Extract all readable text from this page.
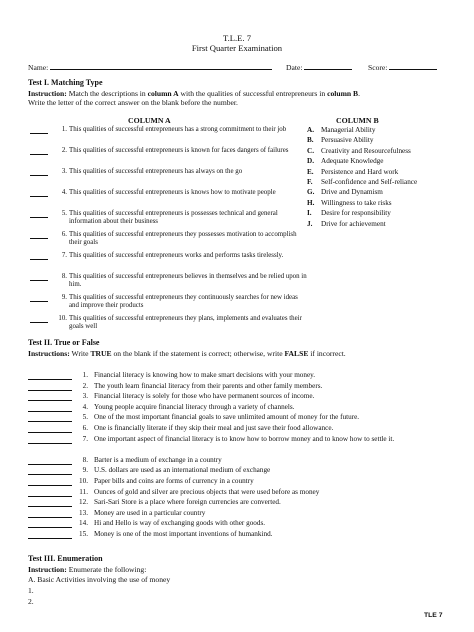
T.L.E. 7
First Quarter Examination
Name:	Date:	Score:
Test I. Matching Type
Instruction: Match the descriptions in column A with the qualities of successful entrepreneurs in column B.
Write the letter of the correct answer on the blank before the number.
COLUMN A	COLUMN B
1. This qualities of successful entrepreneurs has a strong commitment to their job
2. This qualities of successful entrepreneurs is known for faces dangers of failures
3. This qualities of successful entrepreneurs has always on the go
4. This qualities of successful entrepreneurs is knows how to motivate people
5. This qualities of successful entrepreneurs is possesses technical and general information about their business
6. This qualities of successful entrepreneurs they possesses motivation to accomplish their goals
7. This qualities of successful entrepreneurs works and performs tasks tirelessly.
8. This qualities of successful entrepreneurs believes in themselves and be relied upon in him.
9. This qualities of successful entrepreneurs they continuously searches for new ideas and improve their products
10. This qualities of successful entrepreneurs they plans, implements and evaluates their goals well
A. Managerial Ability
B. Persuasive Ability
C. Creativity and Resourcefulness
D. Adequate Knowledge
E. Persistence and Hard work
F. Self-confidence and Self-reliance
G. Drive and Dynamism
H. Willingness to take risks
I. Desire for responsibility
J. Drive for achievement
Test II. True or False
Instructions: Write TRUE on the blank if the statement is correct; otherwise, write FALSE if incorrect.
1. Financial literacy is knowing how to make smart decisions with your money.
2. The youth learn financial literacy from their parents and other family members.
3. Financial literacy is solely for those who have permanent sources of income.
4. Young people acquire financial literacy through a variety of channels.
5. One of the most important financial goals to save unlimited amount of money for the future.
6. One is financially literate if they skip their meal and just save their food allowance.
7. One important aspect of financial literacy is to know how to borrow money and to know how to settle it.
8. Barter is a medium of exchange in a country
9. U.S. dollars are used as an international medium of exchange
10. Paper bills and coins are forms of currency in a country
11. Ounces of gold and silver are precious objects that were used before as money
12. Sari-Sari Store is a place where foreign currencies are converted.
13. Money are used in a particular country
14. Hi and Hello is way of exchanging goods with other goods.
15. Money is one of the most important inventions of humankind.
Test III. Enumeration
Instruction: Enumerate the following:
A. Basic Activities involving the use of money
1.
2.
TLE 7
